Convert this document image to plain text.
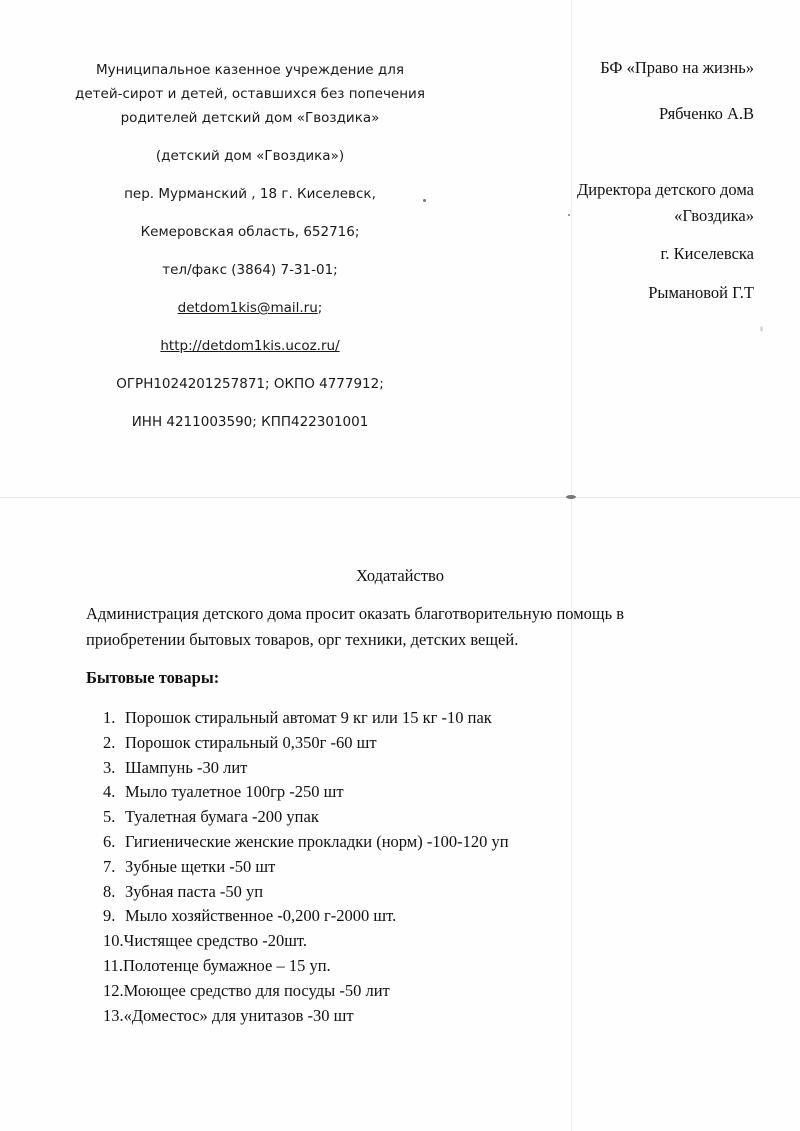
Муниципальное казенное учреждение для
детей-сирот и детей, оставшихся без попечения
родителей детский дом «Гвоздика»
(детский дом «Гвоздика»)
пер. Мурманский , 18 г. Киселевск,
Кемеровская область, 652716;
тел/факс (3864) 7-31-01;
detdom1kis@mail.ru;
http://detdom1kis.ucoz.ru/
ОГРН1024201257871; ОКПО 4777912;
ИНН 4211003590; КПП422301001
БФ «Право на жизнь»
Рябченко А.В
Директора детского дома
«Гвоздика»
г. Киселевска
Рымановой Г.Т
Ходатайство
Администрация детского дома просит оказать благотворительную помощь в
приобретении бытовых товаров, орг техники, детских вещей.
Бытовые товары:
1. Порошок стиральный автомат 9 кг или 15 кг -10 пак
2. Порошок стиральный 0,350г -60 шт
3. Шампунь -30 лит
4. Мыло туалетное 100гр -250 шт
5. Туалетная бумага -200 упак
6. Гигиенические женские прокладки (норм) -100-120 уп
7. Зубные щетки -50 шт
8. Зубная паста -50 уп
9. Мыло хозяйственное -0,200 г-2000 шт.
10.Чистящее средство -20шт.
11.Полотенце бумажное – 15 уп.
12.Моющее средство для посуды -50 лит
13.«Доместос» для унитазов -30 шт
